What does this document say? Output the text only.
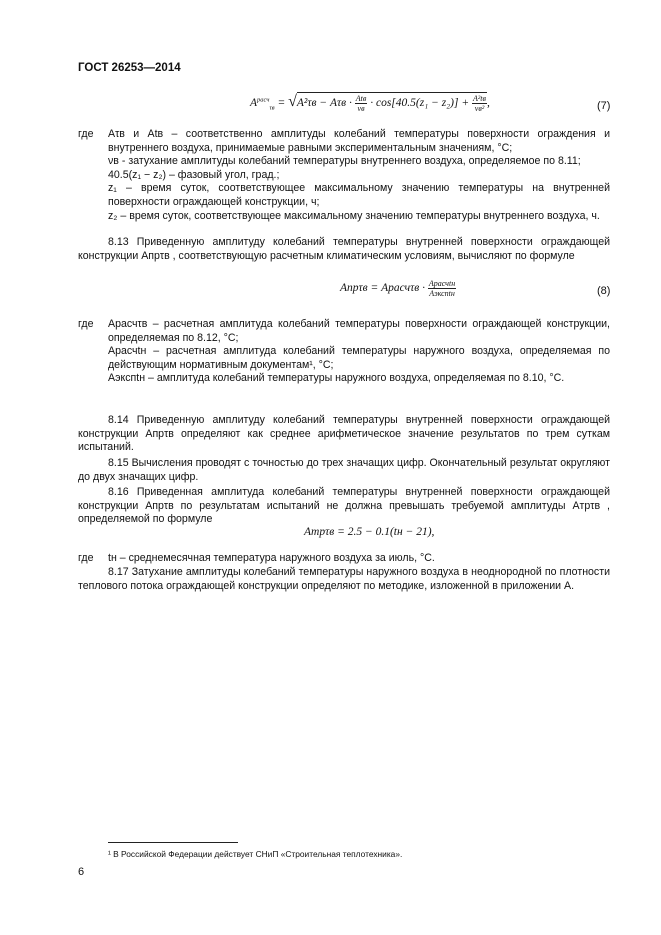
ГОСТ 26253—2014
$A^{расч}_{\tau в} = √A^2\tau в - A\tau в \cdot \frac{\text{Atв}}{\nu в} \cdot \cos[40.5(z_1 - z_2)] + \frac{\text{A²tв}}{\text{νв²}}$ ,	(7)
где Aτв и Atв – соответственно амплитуды колебаний температуры поверхности ограждения и внутреннего воздуха, принимаемые равными экспериментальным значениям, °С;

νв - затухание амплитуды колебаний температуры внутреннего воздуха, определяемое по 8.11;

40.5(z₁ − z₂) – фазовый угол, град.;

z₁ – время суток, соответствующее максимальному значению температуры на внутренней поверхности ограждающей конструкции, ч;

z₂ – время суток, соответствующее максимальному значению температуры внутреннего воздуха, ч.

8.13 Приведенную амплитуду колебаний температуры внутренней поверхности ограждающей конструкции Aпрτв , соответствующую расчетным климатическим условиям, вычисляют по формуле
Aпрτв = Aрасчτв · $\frac{\text{Aрасчtн}}{\text{Aэкспtн}}$	(8)
где Aрасчτв – расчетная амплитуда колебаний температуры поверхности ограждающей конструкции, определяемая по 8.12, °С;

Aрасчtн – расчетная амплитуда колебаний температуры наружного воздуха, определяемая по действующим нормативным документам¹, °С;

Aэкспtн – амплитуда колебаний температуры наружного воздуха, определяемая по 8.10, °С.

8.14 Приведенную амплитуду колебаний температуры внутренней поверхности ограждающей конструкции Aпрτв определяют как среднее арифметическое значение результатов по трем суткам испытаний.
8.15 Вычисления проводят с точностью до трех значащих цифр. Окончательный результат округляют до двух значащих цифр.
8.16 Приведенная амплитуда колебаний температуры внутренней поверхности ограждающей конструкции Aпрτв по результатам испытаний не должна превышать требуемой амплитуды Aтрτв , определяемой по формуле
Aтрτв = 2.5 − 0.1(tн − 21),
где tн – среднемесячная температура наружного воздуха за июль, °С.
8.17 Затухание амплитуды колебаний температуры наружного воздуха в неоднородной по плотности теплового потока ограждающей конструкции определяют по методике, изложенной в приложении А.
¹ В Российской Федерации действует СНиП «Строительная теплотехника».
6
